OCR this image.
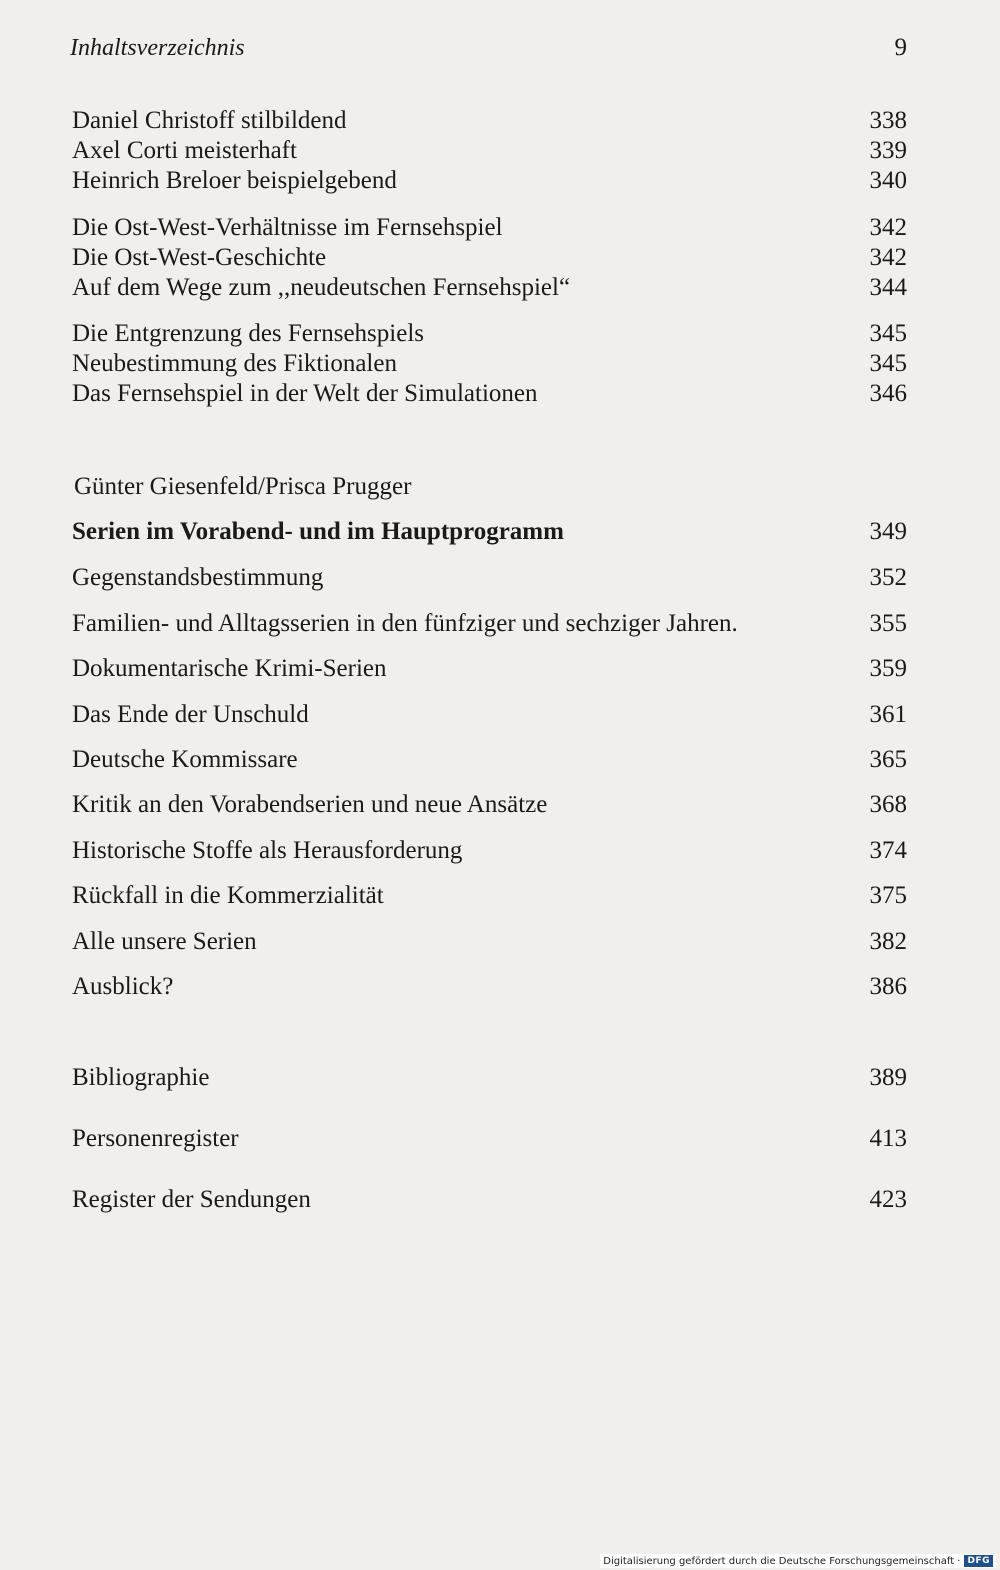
Inhaltsverzeichnis	9
Daniel Christoff stilbildend	338
Axel Corti meisterhaft	339
Heinrich Breloer beispielgebend	340
Die Ost-West-Verhältnisse im Fernsehspiel	342
Die Ost-West-Geschichte	342
Auf dem Wege zum ,,neudeutschen Fernsehspiel“	344
Die Entgrenzung des Fernsehspiels	345
Neubestimmung des Fiktionalen	345
Das Fernsehspiel in der Welt der Simulationen	346
Günter Giesenfeld/Prisca Prugger
Serien im Vorabend- und im Hauptprogramm	349
Gegenstandsbestimmung	352
Familien- und Alltagsserien in den fünfziger und sechziger Jahren.	355
Dokumentarische Krimi-Serien	359
Das Ende der Unschuld	361
Deutsche Kommissare	365
Kritik an den Vorabendserien und neue Ansätze	368
Historische Stoffe als Herausforderung	374
Rückfall in die Kommerzialität	375
Alle unsere Serien	382
Ausblick?	386
Bibliographie	389
Personenregister	413
Register der Sendungen	423
Digitalisierung gefördert durch die Deutsche Forschungsgemeinschaft · DFG
